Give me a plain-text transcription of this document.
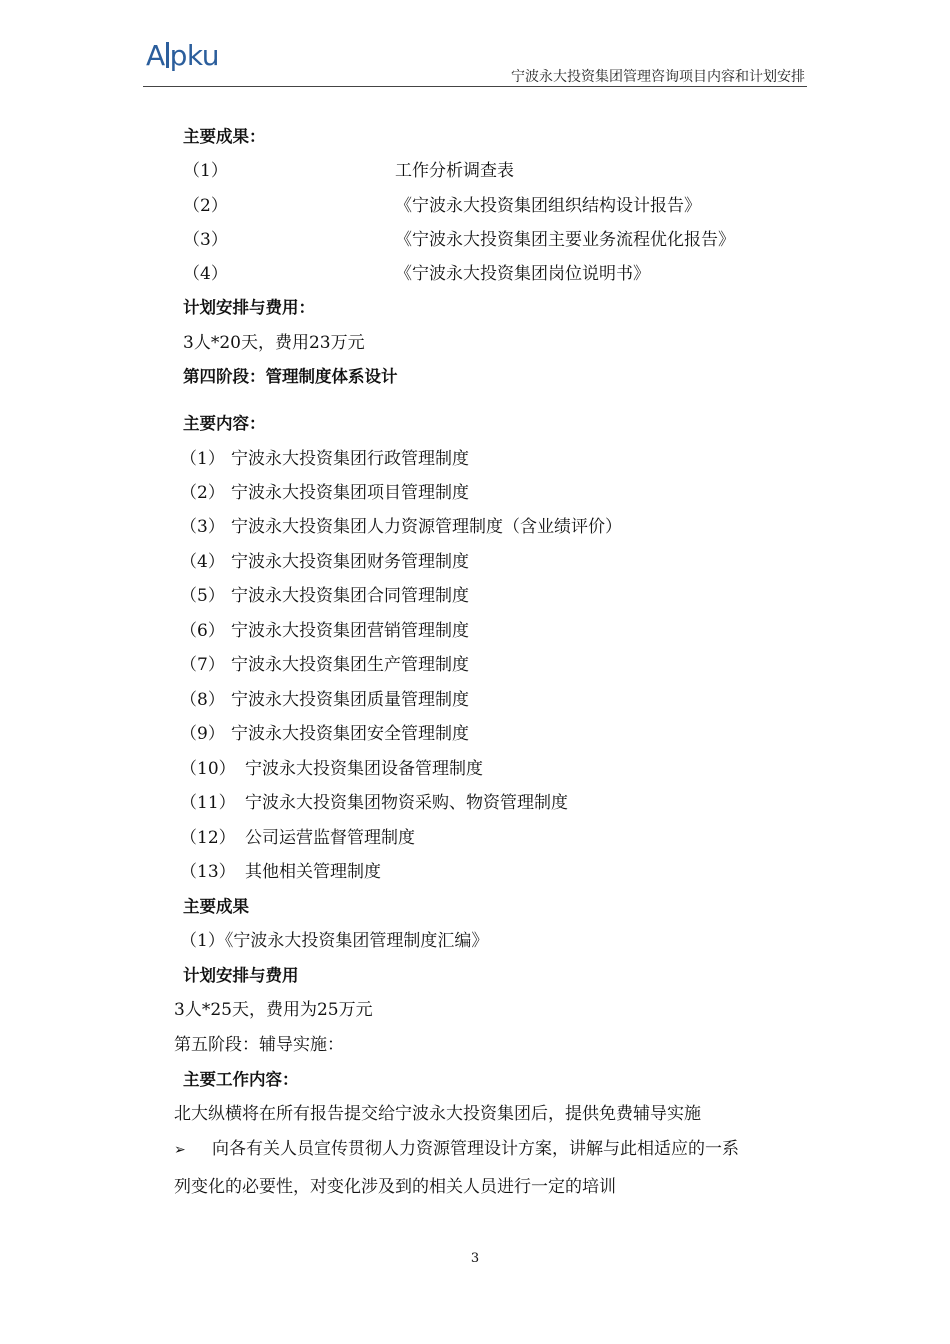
A pku
宁波永大投资集团管理咨询项目内容和计划安排
主要成果：
（1）	工作分析调查表
（2）	《宁波永大投资集团组织结构设计报告》
（3）	《宁波永大投资集团主要业务流程优化报告》
（4）	《宁波永大投资集团岗位说明书》
计划安排与费用：
3人*20天，费用23万元
第四阶段：管理制度体系设计
主要内容：
（1） 宁波永大投资集团行政管理制度
（2） 宁波永大投资集团项目管理制度
（3） 宁波永大投资集团人力资源管理制度（含业绩评价）
（4） 宁波永大投资集团财务管理制度
（5） 宁波永大投资集团合同管理制度
（6） 宁波永大投资集团营销管理制度
（7） 宁波永大投资集团生产管理制度
（8） 宁波永大投资集团质量管理制度
（9） 宁波永大投资集团安全管理制度
（10） 宁波永大投资集团设备管理制度
（11） 宁波永大投资集团物资采购、物资管理制度
（12） 公司运营监督管理制度
（13） 其他相关管理制度
主要成果
（1）《宁波永大投资集团管理制度汇编》
计划安排与费用
3人*25天，费用为25万元
第五阶段：辅导实施：
主要工作内容：
北大纵横将在所有报告提交给宁波永大投资集团后，提供免费辅导实施
➢ 向各有关人员宣传贯彻人力资源管理设计方案，讲解与此相适应的一系
列变化的必要性，对变化涉及到的相关人员进行一定的培训
3
